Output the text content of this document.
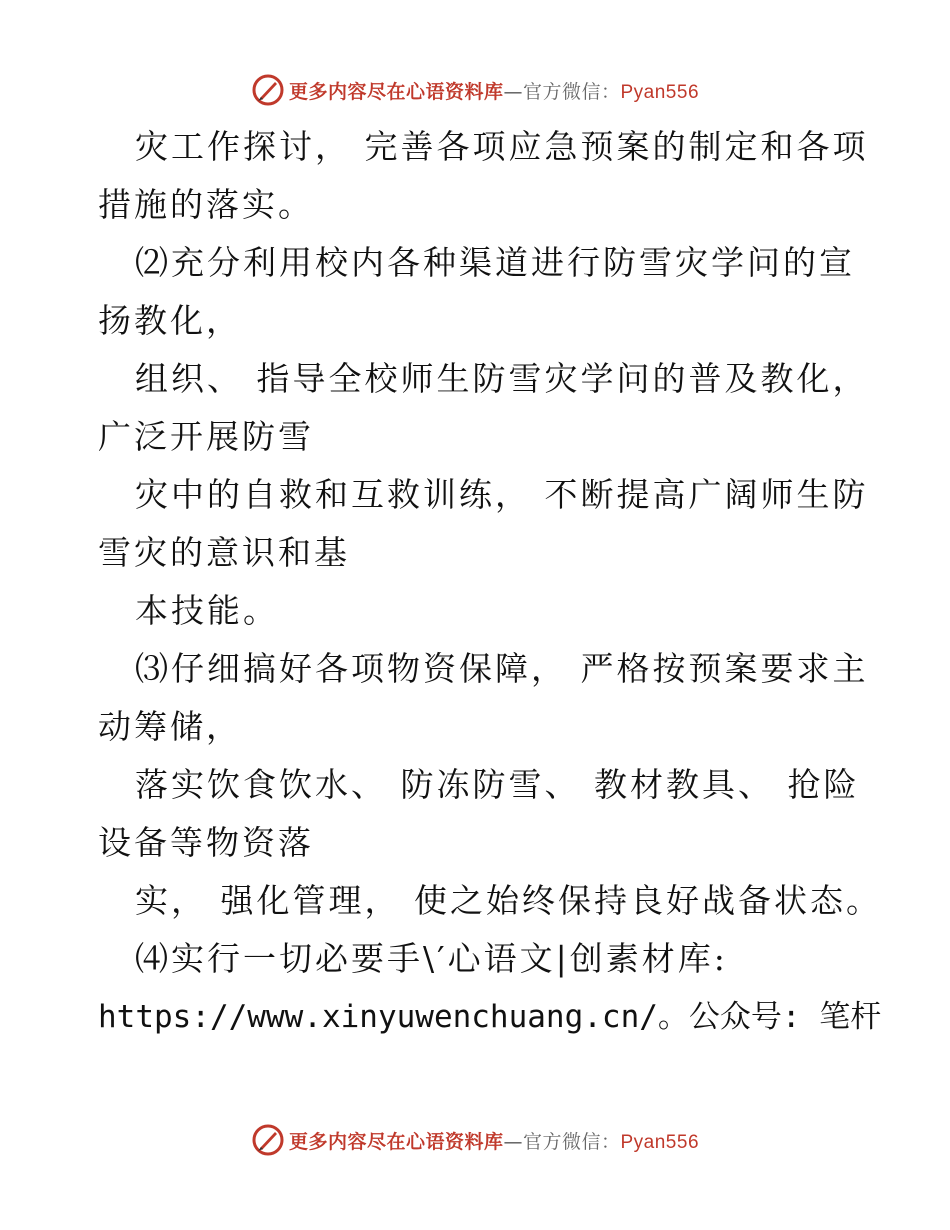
更多内容尽在心语资料库—官方微信：Pyan556
灾工作探讨， 完善各项应急预案的制定和各项
措施的落实。
⑵充分利用校内各种渠道进行防雪灾学问的宣
扬教化，
组织、 指导全校师生防雪灾学问的普及教化，
广泛开展防雪
灾中的自救和互救训练， 不断提高广阔师生防
雪灾的意识和基
本技能。
⑶仔细搞好各项物资保障， 严格按预案要求主
动筹储，
落实饮食饮水、 防冻防雪、 教材教具、 抢险
设备等物资落
实， 强化管理， 使之始终保持良好战备状态。
⑷实行一切必要手\′心语文|创素材库:
https://www.xinyuwenchuang.cn/。公众号: 笔杆
更多内容尽在心语资料库—官方微信：Pyan556
